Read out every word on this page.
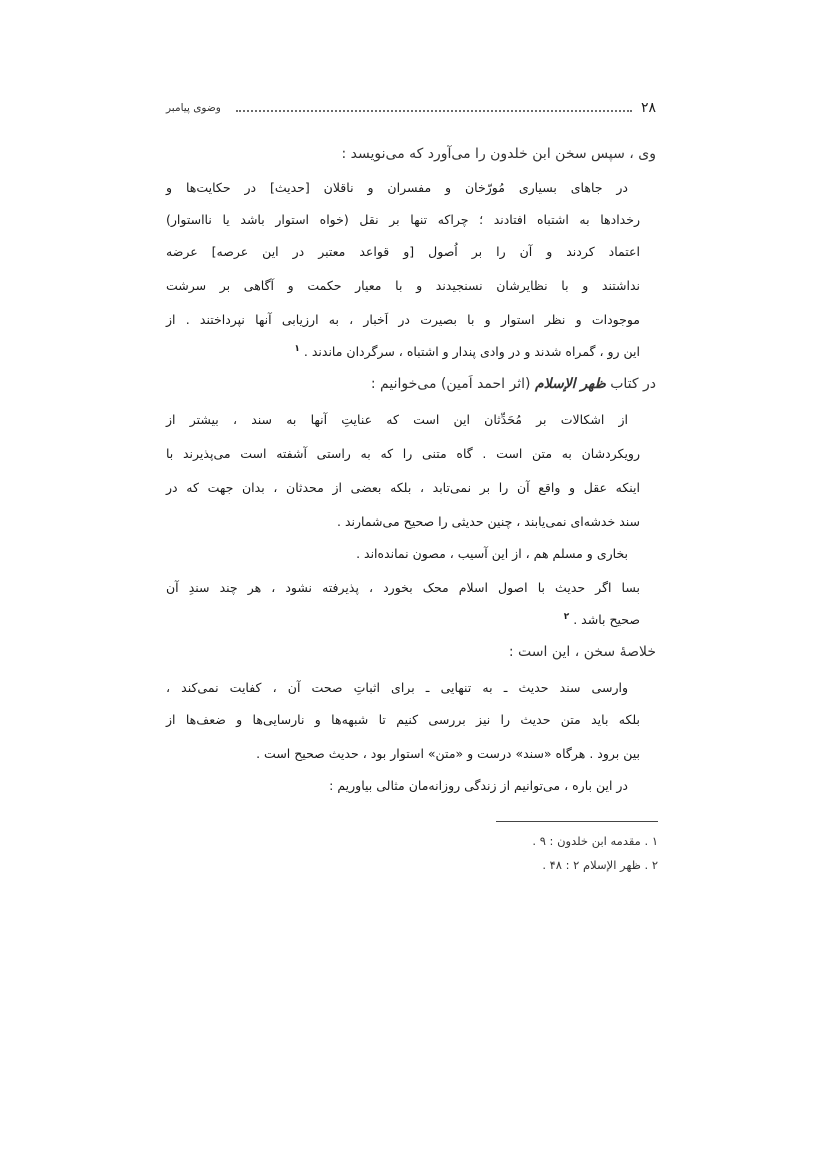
۲۸
وضوی پیامبر
وی ، سپس سخن ابن خلدون را می‌آورد که می‌نویسد :
در جاهای بسیاری مُورّخان و مفسران و ناقلان [حدیث] در حکایت‌ها و
رخدادها به اشتباه افتادند ؛ چراکه تنها بر نقل (خواه استوار باشد یا نااستوار)
اعتماد کردند و آن را بر اُصول [و قواعد معتبر در این عرصه] عرضه
نداشتند و با نظایرشان نسنجیدند و با معیار حکمت و آگاهی بر سرشت
موجودات و نظر استوار و با بصیرت در اَخبار ، به ارزیابی آنها نپرداختند . از
این رو ، گمراه شدند و در وادی پندار و اشتباه ، سرگردان ماندند . $^۱$
در کتاب ظهر الإسلام (اثر احمد اَمین) می‌خوانیم :
از اشکالات بر مُحَدِّثان این است که عنایتِ آنها به سند ، بیشتر از
رویکردشان به متن است . گاه متنی را که به راستی آشفته است می‌پذیرند با
اینکه عقل و واقع آن را بر نمی‌تابد ، بلکه بعضی از محدثان ، بدان جهت که در
سند خدشه‌ای نمی‌یابند ، چنین حدیثی را صحیح می‌شمارند .
بخاری و مسلم هم ، از این آسیب ، مصون نمانده‌اند .
بسا اگر حدیث با اصول اسلام محک بخورد ، پذیرفته نشود ، هر چند سندِ آن
صحیح باشد . $^۲$
خلاصهٔ سخن ، این است :
وارسی سند حدیث ـ به تنهایی ـ برای اثباتِ صحت آن ، کفایت نمی‌کند ،
بلکه باید متن حدیث را نیز بررسی کنیم تا شبهه‌ها و نارسایی‌ها و ضعف‌ها از
بین برود . هرگاه «سند» درست و «متن» استوار بود ، حدیث صحیح است .
در این باره ، می‌توانیم از زندگی روزانه‌مان مثالی بیاوریم :
۱ . مقدمه ابن خلدون : ۹ .
۲ . ظهر الإسلام ۲ : ۴۸ .
